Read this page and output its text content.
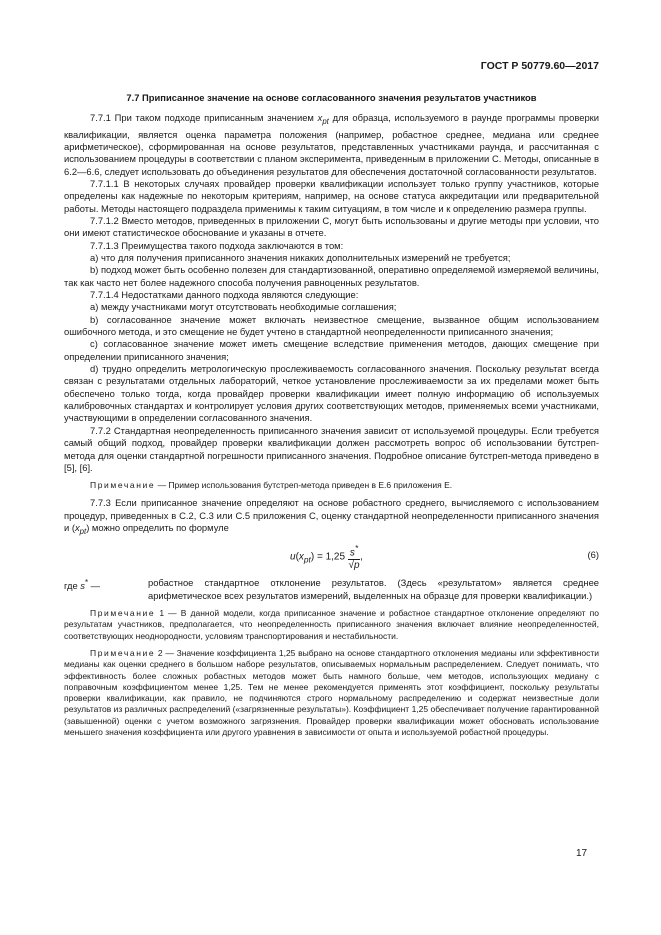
ГОСТ Р 50779.60—2017

7.7 Приписанное значение на основе согласованного значения результатов участников

7.7.1 При таком подходе приписанным значением $x_{pt}$ для образца, используемого в раунде программы проверки квалификации, является оценка параметра положения (например, робастное среднее, медиана или среднее арифметическое), сформированная на основе результатов, представленных участниками раунда, и рассчитанная с использованием процедуры в соответствии с планом эксперимента, приведенным в приложении С. Методы, описанные в 6.2—6.6, следует использовать до объединения результатов для обеспечения достаточной согласованности результатов.

7.7.1.1 В некоторых случаях провайдер проверки квалификации использует только группу участников, которые определены как надежные по некоторым критериям, например, на основе статуса аккредитации или предварительной работы. Методы настоящего подраздела применимы к таким ситуациям, в том числе и к определению размера группы.

7.7.1.2 Вместо методов, приведенных в приложении С, могут быть использованы и другие методы при условии, что они имеют статистическое обоснование и указаны в отчете.

7.7.1.3 Преимущества такого подхода заключаются в том:

а) что для получения приписанного значения никаких дополнительных измерений не требуется;

b) подход может быть особенно полезен для стандартизованной, оперативно определяемой измеряемой величины, так как часто нет более надежного способа получения равноценных результатов.

7.7.1.4 Недостатками данного подхода являются следующие:

а) между участниками могут отсутствовать необходимые соглашения;

b) согласованное значение может включать неизвестное смещение, вызванное общим использованием ошибочного метода, и это смещение не будет учтено в стандартной неопределенности приписанного значения;

c) согласованное значение может иметь смещение вследствие применения методов, дающих смещение при определении приписанного значения;

d) трудно определить метрологическую прослеживаемость согласованного значения. Поскольку результат всегда связан с результатами отдельных лабораторий, четкое установление прослеживаемости за их пределами может быть обеспечено только тогда, когда провайдер проверки квалификации имеет полную информацию об используемых калибровочных стандартах и контролирует условия других соответствующих методов, применяемых всеми участниками, участвующими в определении согласованного значения.

7.7.2 Стандартная неопределенность приписанного значения зависит от используемой процедуры. Если требуется самый общий подход, провайдер проверки квалификации должен рассмотреть вопрос об использовании бутстреп-метода для оценки стандартной погрешности приписанного значения. Подробное описание бутстреп-метода приведено в [5], [6].

Примечание — Пример использования бутстреп-метода приведен в Е.6 приложения Е.

7.7.3 Если приписанное значение определяют на основе робастного среднего, вычисляемого с использованием процедур, приведенных в С.2, С.3 или С.5 приложения С, оценку стандартной неопределенности приписанного значения и $(x_{pt})$ можно определить по формуле

$u(x_{pt}) = 1,25 \frac{s^*}{√p}$ ,	(6)
где s* —	робастное стандартное отклонение результатов. (Здесь «результатом» является среднее арифметическое всех результатов измерений, выделенных на образце для проверки квалификации.)

Примечание 1 — В данной модели, когда приписанное значение и робастное стандартное отклонение определяют по результатам участников, предполагается, что неопределенность приписанного значения включает влияние неопределенностей, соответствующих неоднородности, условиям транспортирования и нестабильности.

Примечание 2 — Значение коэффициента 1,25 выбрано на основе стандартного отклонения медианы или эффективности медианы как оценки среднего в большом наборе результатов, описываемых нормальным распределением. Следует понимать, что эффективность более сложных робастных методов может быть намного больше, чем методов, использующих медиану с поправочным коэффициентом менее 1,25. Тем не менее рекомендуется применять этот коэффициент, поскольку результаты проверки квалификации, как правило, не подчиняются строго нормальному распределению и содержат неизвестные доли результатов из различных распределений («загрязненные результаты»). Коэффициент 1,25 обеспечивает получение гарантированной (завышенной) оценки с учетом возможного загрязнения. Провайдер проверки квалификации может обосновать использование меньшего значения коэффициента или другого уравнения в зависимости от опыта и используемой робастной процедуры.

17
